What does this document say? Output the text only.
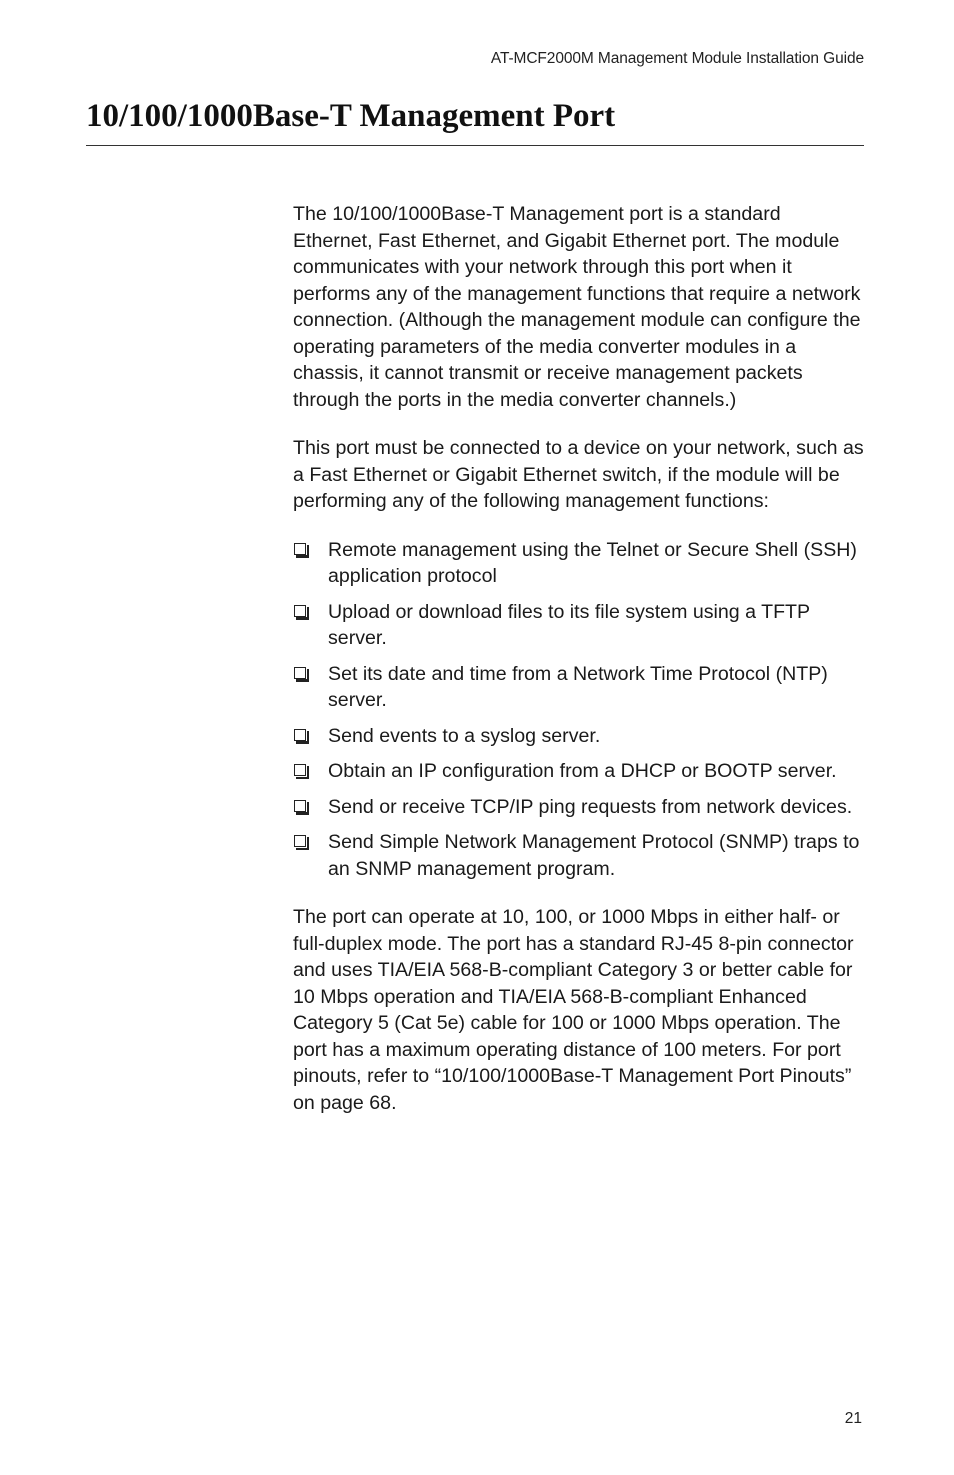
AT-MCF2000M Management Module Installation Guide
10/100/1000Base-T Management Port

The 10/100/1000Base-T Management port is a standard Ethernet, Fast Ethernet, and Gigabit Ethernet port. The module communicates with your network through this port when it performs any of the management functions that require a network connection. (Although the management module can configure the operating parameters of the media converter modules in a chassis, it cannot transmit or receive management packets through the ports in the media converter channels.)

This port must be connected to a device on your network, such as a Fast Ethernet or Gigabit Ethernet switch, if the module will be performing any of the following management functions:

Remote management using the Telnet or Secure Shell (SSH) application protocol
Upload or download files to its file system using a TFTP server.
Set its date and time from a Network Time Protocol (NTP) server.
Send events to a syslog server.
Obtain an IP configuration from a DHCP or BOOTP server.
Send or receive TCP/IP ping requests from network devices.
Send Simple Network Management Protocol (SNMP) traps to an SNMP management program.

The port can operate at 10, 100, or 1000 Mbps in either half- or full-duplex mode. The port has a standard RJ-45 8-pin connector and uses TIA/EIA 568-B-compliant Category 3 or better cable for 10 Mbps operation and TIA/EIA 568-B-compliant Enhanced Category 5 (Cat 5e) cable for 100 or 1000 Mbps operation. The port has a maximum operating distance of 100 meters. For port pinouts, refer to “10/100/1000Base-T Management Port Pinouts” on page 68.

21
